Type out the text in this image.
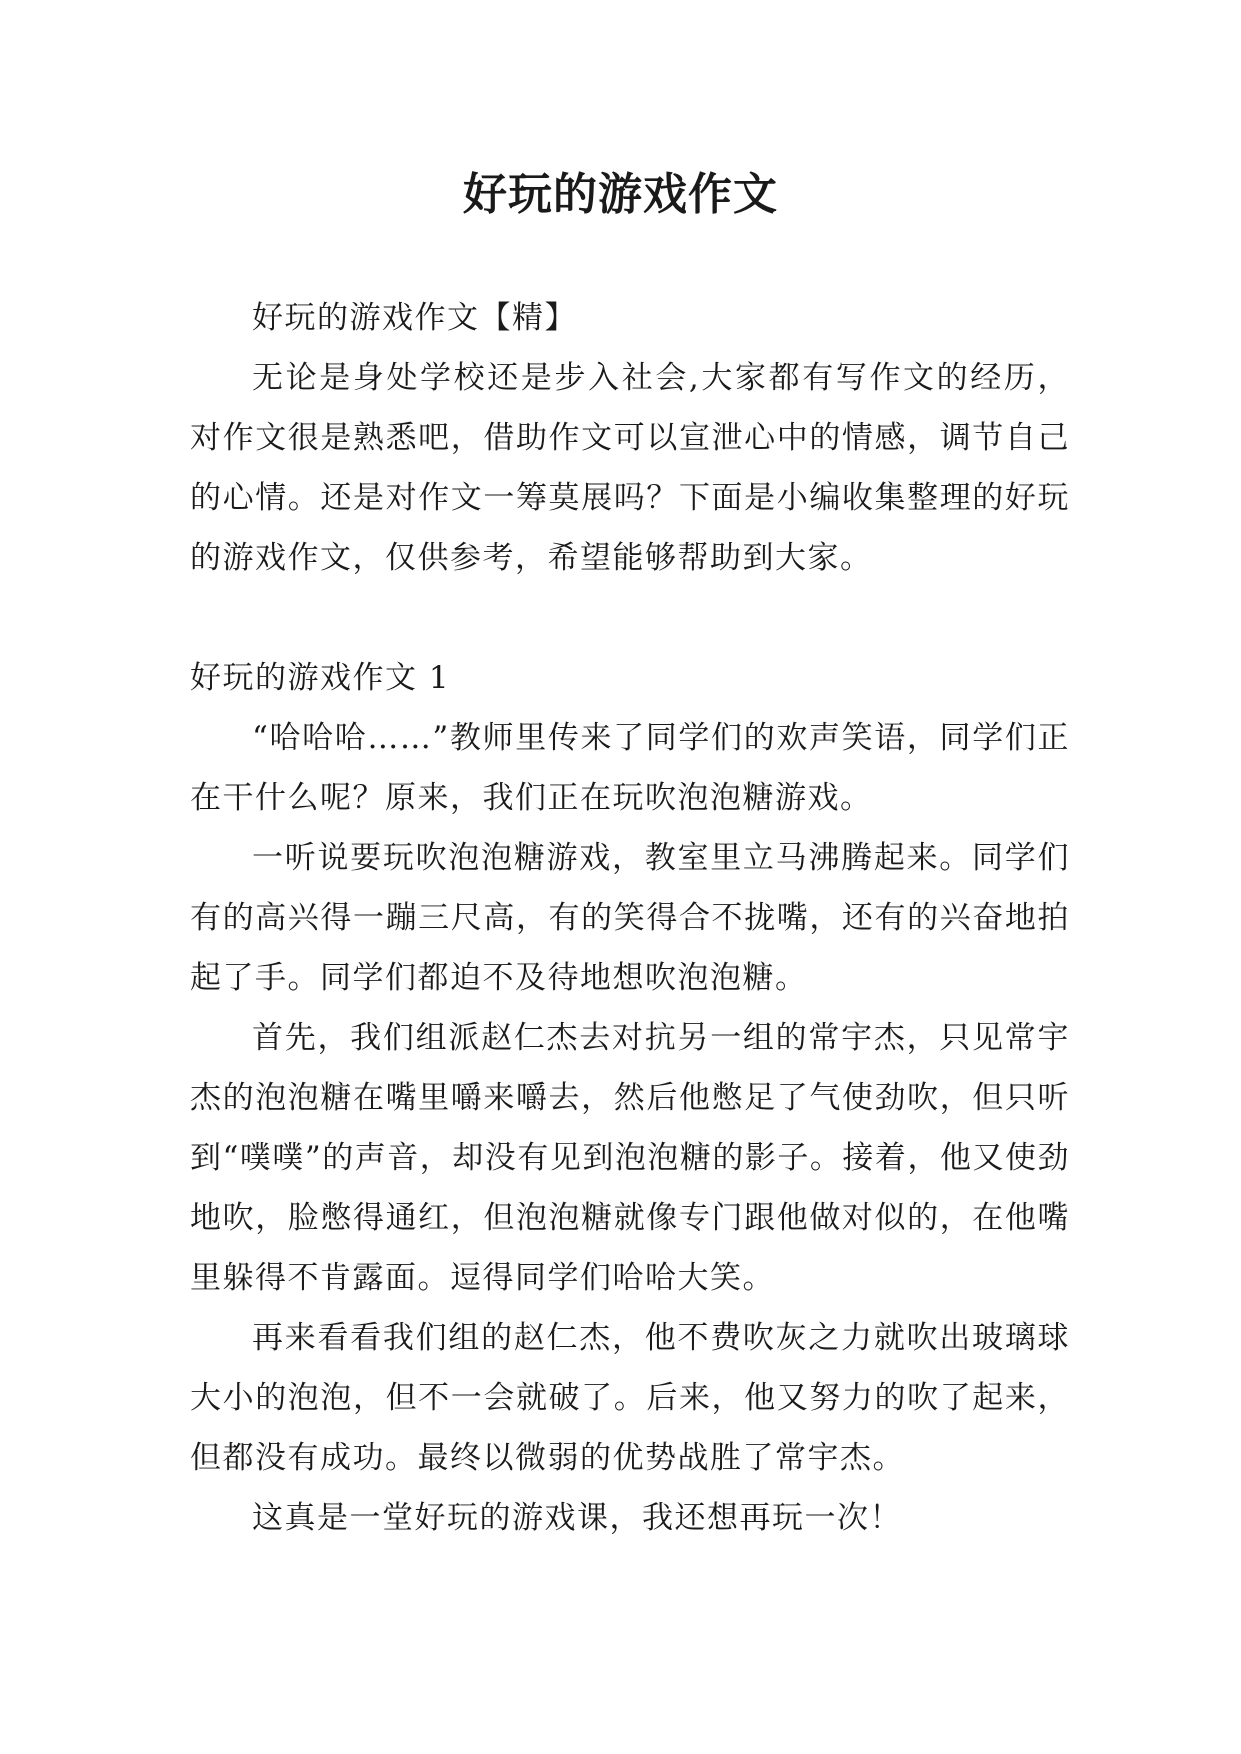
好玩的游戏作文

好玩的游戏作文【精】

无论是身处学校还是步入社会,大家都有写作文的经历，对作文很是熟悉吧，借助作文可以宣泄心中的情感，调节自己的心情。还是对作文一筹莫展吗？下面是小编收集整理的好玩的游戏作文，仅供参考，希望能够帮助到大家。

好玩的游戏作文 1

“哈哈哈……”教师里传来了同学们的欢声笑语，同学们正在干什么呢？原来，我们正在玩吹泡泡糖游戏。

一听说要玩吹泡泡糖游戏，教室里立马沸腾起来。同学们有的高兴得一蹦三尺高，有的笑得合不拢嘴，还有的兴奋地拍起了手。同学们都迫不及待地想吹泡泡糖。

首先，我们组派赵仁杰去对抗另一组的常宇杰，只见常宇杰的泡泡糖在嘴里嚼来嚼去，然后他憋足了气使劲吹，但只听到“噗噗”的声音，却没有见到泡泡糖的影子。接着，他又使劲地吹，脸憋得通红，但泡泡糖就像专门跟他做对似的，在他嘴里躲得不肯露面。逗得同学们哈哈大笑。

再来看看我们组的赵仁杰，他不费吹灰之力就吹出玻璃球大小的泡泡，但不一会就破了。后来，他又努力的吹了起来，但都没有成功。最终以微弱的优势战胜了常宇杰。

这真是一堂好玩的游戏课，我还想再玩一次！
